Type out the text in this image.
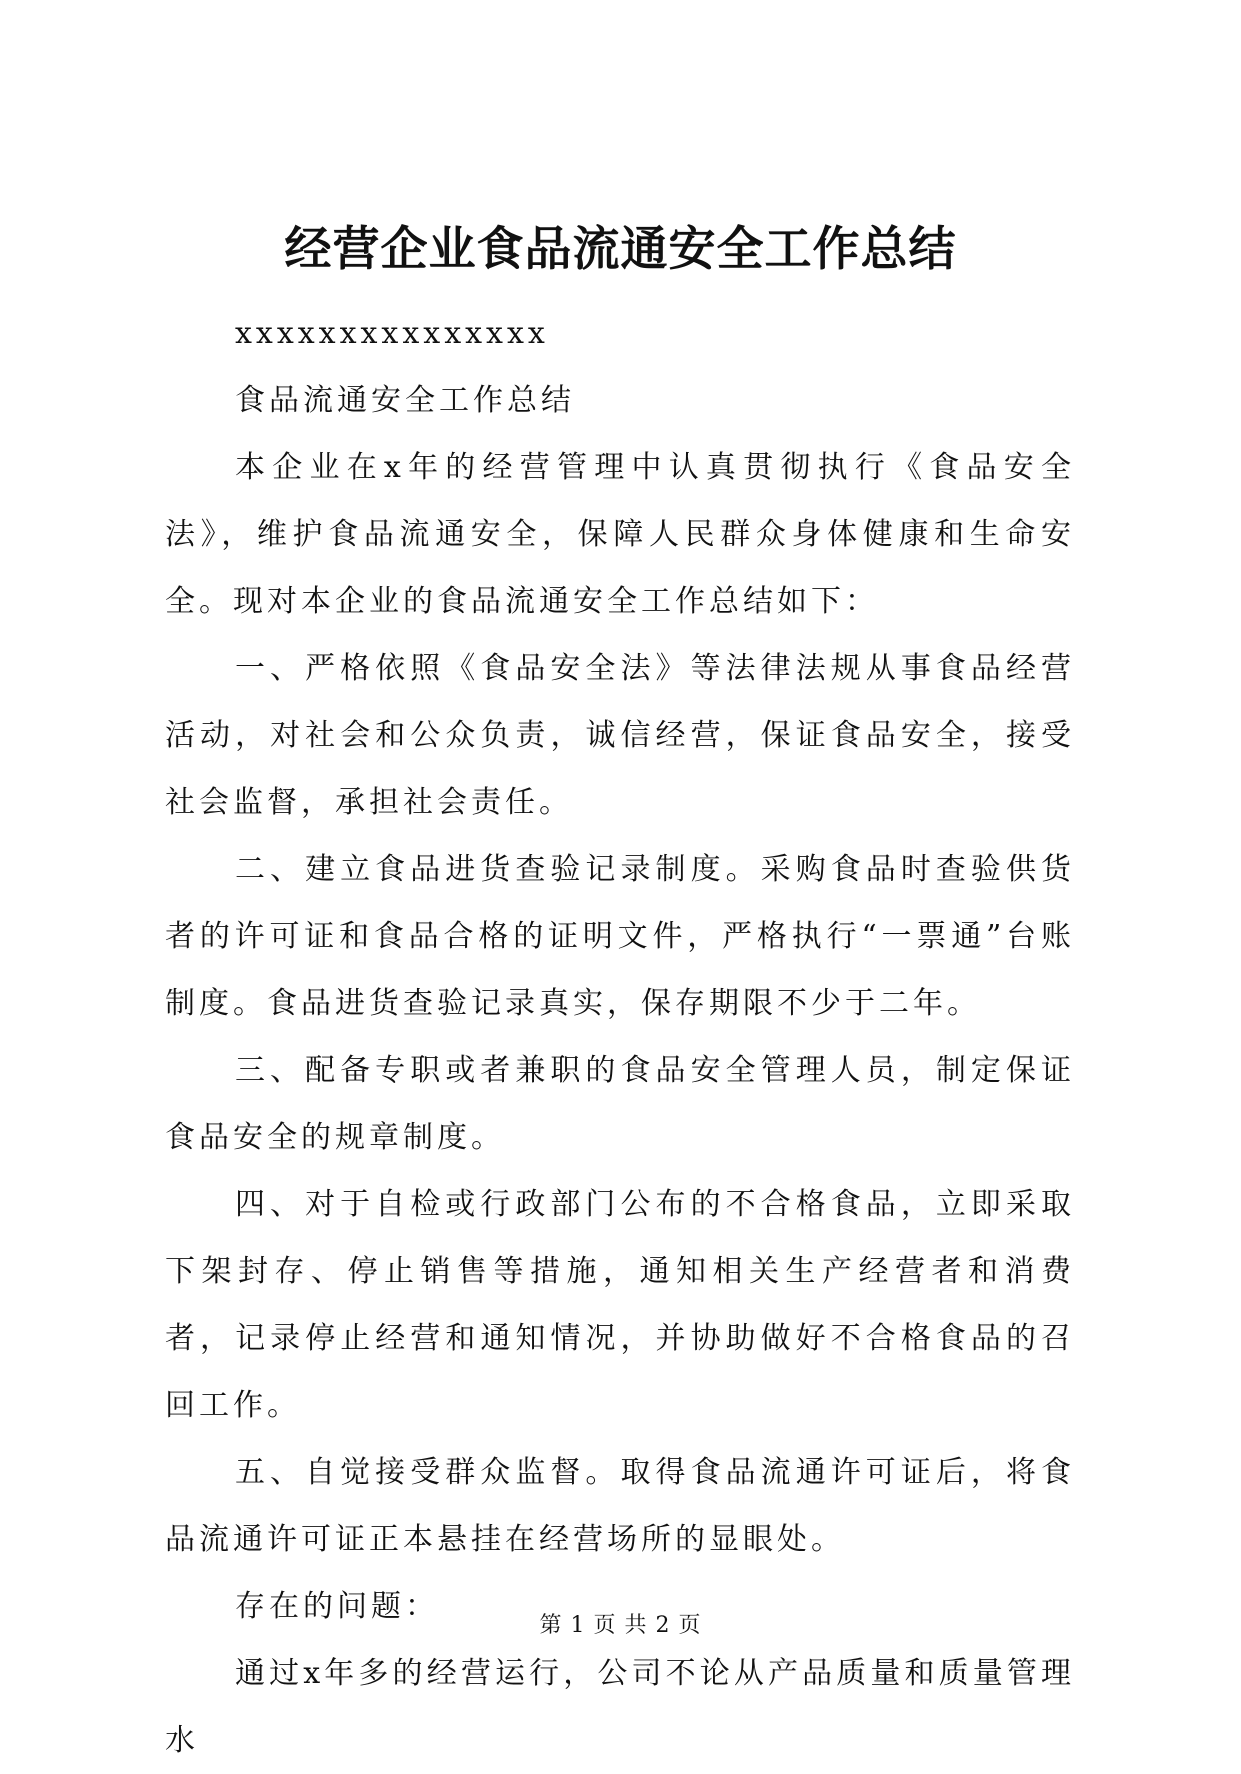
经营企业食品流通安全工作总结

xxxxxxxxxxxxxxx

食品流通安全工作总结

本企业在x年的经营管理中认真贯彻执行《食品安全法》，维护食品流通安全，保障人民群众身体健康和生命安全。现对本企业的食品流通安全工作总结如下：

一、严格依照《食品安全法》等法律法规从事食品经营活动，对社会和公众负责，诚信经营，保证食品安全，接受社会监督，承担社会责任。

二、建立食品进货查验记录制度。采购食品时查验供货者的许可证和食品合格的证明文件，严格执行“一票通”台账制度。食品进货查验记录真实，保存期限不少于二年。

三、配备专职或者兼职的食品安全管理人员，制定保证食品安全的规章制度。

四、对于自检或行政部门公布的不合格食品，立即采取下架封存、停止销售等措施，通知相关生产经营者和消费者，记录停止经营和通知情况，并协助做好不合格食品的召回工作。

五、自觉接受群众监督。取得食品流通许可证后，将食品流通许可证正本悬挂在经营场所的显眼处。

存在的问题：

通过x年多的经营运行，公司不论从产品质量和质量管理水

第 1 页 共 2 页
